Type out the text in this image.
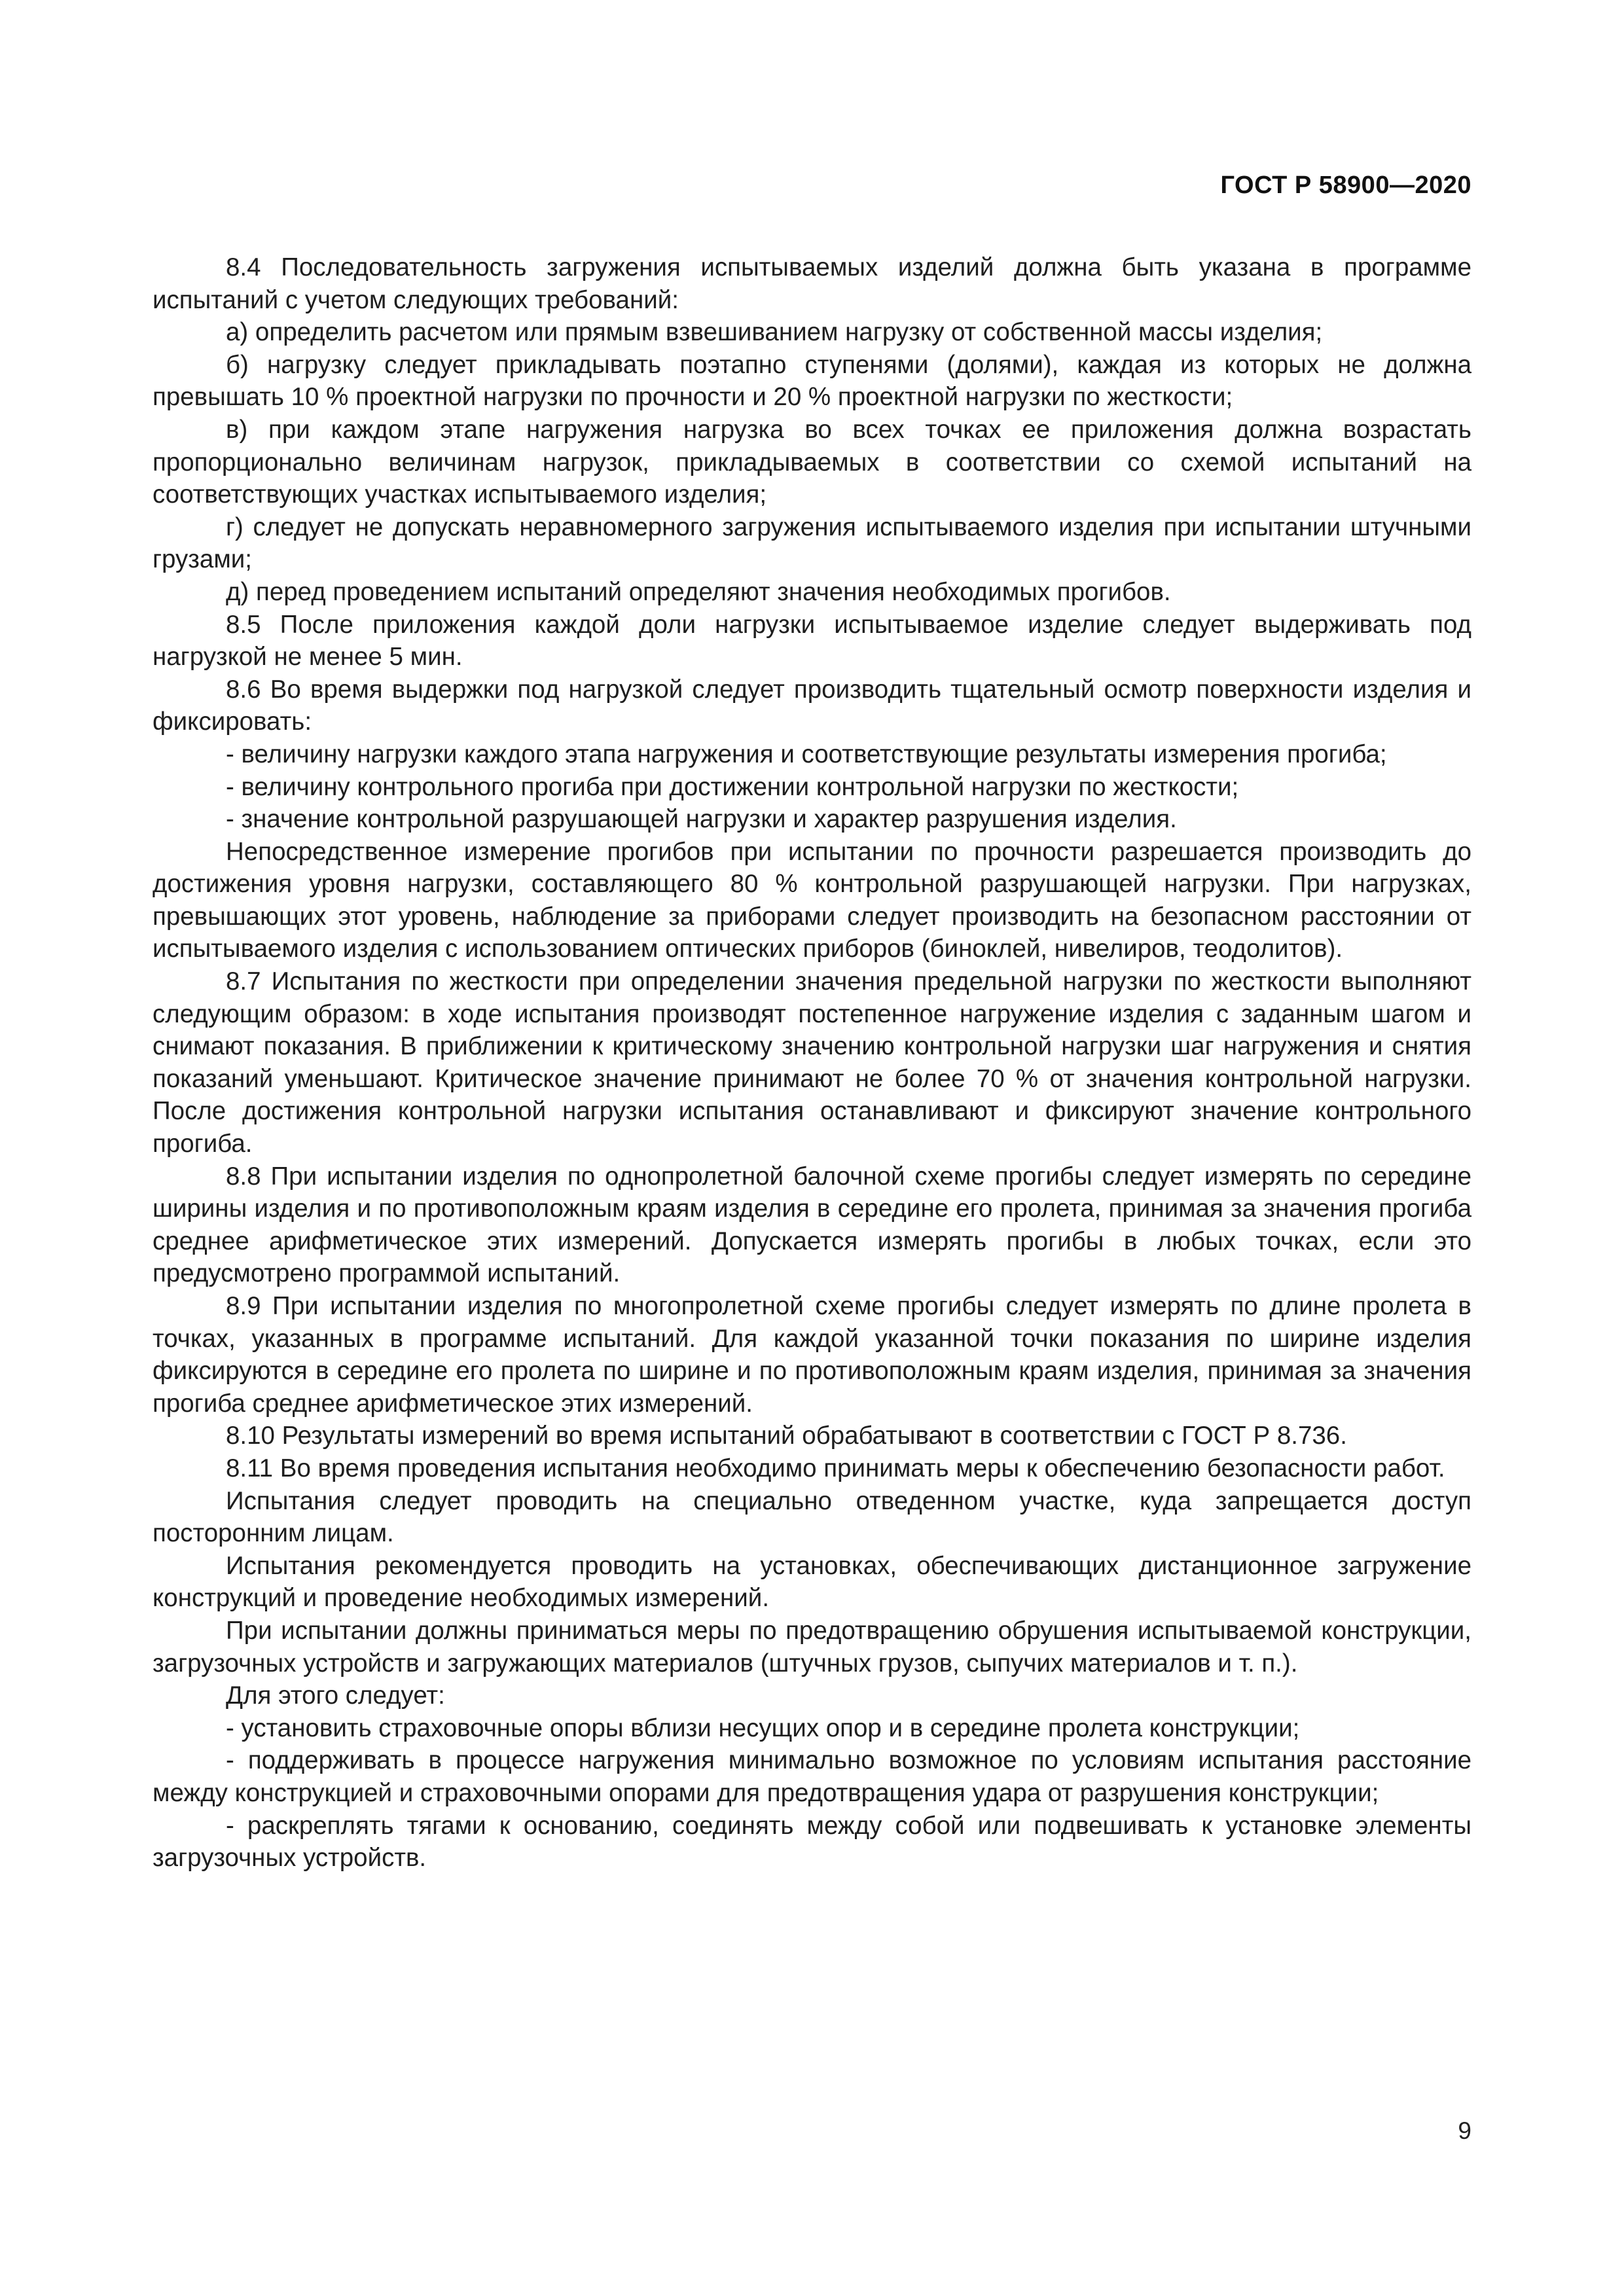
ГОСТ Р 58900—2020

8.4 Последовательность загружения испытываемых изделий должна быть указана в программе испытаний с учетом следующих требований:

а) определить расчетом или прямым взвешиванием нагрузку от собственной массы изделия;

б) нагрузку следует прикладывать поэтапно ступенями (долями), каждая из которых не должна превышать 10 % проектной нагрузки по прочности и 20 % проектной нагрузки по жесткости;

в) при каждом этапе нагружения нагрузка во всех точках ее приложения должна возрастать пропорционально величинам нагрузок, прикладываемых в соответствии со схемой испытаний на соответствующих участках испытываемого изделия;

г) следует не допускать неравномерного загружения испытываемого изделия при испытании штучными грузами;

д) перед проведением испытаний определяют значения необходимых прогибов.

8.5 После приложения каждой доли нагрузки испытываемое изделие следует выдерживать под нагрузкой не менее 5 мин.

8.6 Во время выдержки под нагрузкой следует производить тщательный осмотр поверхности изделия и фиксировать:

- величину нагрузки каждого этапа нагружения и соответствующие результаты измерения прогиба;

- величину контрольного прогиба при достижении контрольной нагрузки по жесткости;

- значение контрольной разрушающей нагрузки и характер разрушения изделия.

Непосредственное измерение прогибов при испытании по прочности разрешается производить до достижения уровня нагрузки, составляющего 80 % контрольной разрушающей нагрузки. При нагрузках, превышающих этот уровень, наблюдение за приборами следует производить на безопасном расстоянии от испытываемого изделия с использованием оптических приборов (биноклей, нивелиров, теодолитов).

8.7 Испытания по жесткости при определении значения предельной нагрузки по жесткости выполняют следующим образом: в ходе испытания производят постепенное нагружение изделия с заданным шагом и снимают показания. В приближении к критическому значению контрольной нагрузки шаг нагружения и снятия показаний уменьшают. Критическое значение принимают не более 70 % от значения контрольной нагрузки. После достижения контрольной нагрузки испытания останавливают и фиксируют значение контрольного прогиба.

8.8 При испытании изделия по однопролетной балочной схеме прогибы следует измерять по середине ширины изделия и по противоположным краям изделия в середине его пролета, принимая за значения прогиба среднее арифметическое этих измерений. Допускается измерять прогибы в любых точках, если это предусмотрено программой испытаний.

8.9 При испытании изделия по многопролетной схеме прогибы следует измерять по длине пролета в точках, указанных в программе испытаний. Для каждой указанной точки показания по ширине изделия фиксируются в середине его пролета по ширине и по противоположным краям изделия, принимая за значения прогиба среднее арифметическое этих измерений.

8.10 Результаты измерений во время испытаний обрабатывают в соответствии с ГОСТ Р 8.736.

8.11 Во время проведения испытания необходимо принимать меры к обеспечению безопасности работ.

Испытания следует проводить на специально отведенном участке, куда запрещается доступ посторонним лицам.

Испытания рекомендуется проводить на установках, обеспечивающих дистанционное загружение конструкций и проведение необходимых измерений.

При испытании должны приниматься меры по предотвращению обрушения испытываемой конструкции, загрузочных устройств и загружающих материалов (штучных грузов, сыпучих материалов и т. п.).

Для этого следует:

- установить страховочные опоры вблизи несущих опор и в середине пролета конструкции;

- поддерживать в процессе нагружения минимально возможное по условиям испытания расстояние между конструкцией и страховочными опорами для предотвращения удара от разрушения конструкции;

- раскреплять тягами к основанию, соединять между собой или подвешивать к установке элементы загрузочных устройств.

9
